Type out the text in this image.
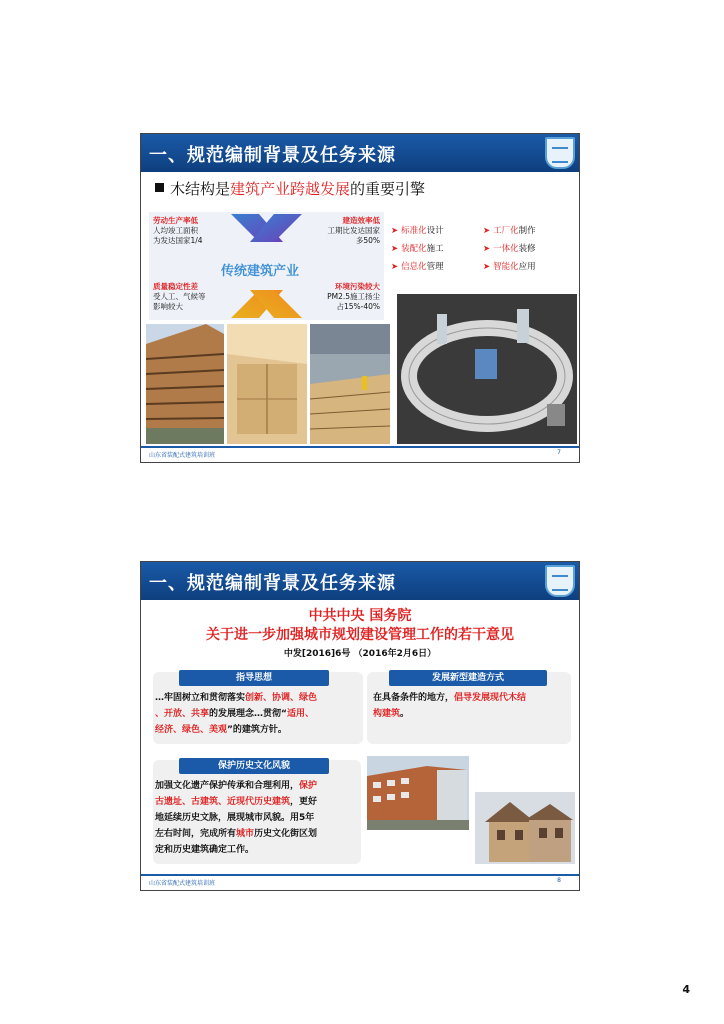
一、规范编制背景及任务来源
木结构是建筑产业跨越发展的重要引擎
劳动生产率低
人均竣工面积
为发达国家1/4
建造效率低
工期比发达国家
多50%
传统建筑产业
质量稳定性差
受人工、气候等
影响较大
环境污染较大
PM2.5施工扬尘
占15%-40%
➤ 标准化设计	➤ 工厂化制作
➤ 装配化施工	➤ 一体化装修
➤ 信息化管理	➤ 智能化应用
山东省装配式建筑培训班	7
一、规范编制背景及任务来源
中共中央 国务院
关于进一步加强城市规划建设管理工作的若干意见
中发[2016]6号 （2016年2月6日）
指导思想
…牢固树立和贯彻落实创新、协调、绿色
、开放、共享的发展理念…贯彻“适用、
经济、绿色、美观”的建筑方针。
发展新型建造方式
在具备条件的地方，倡导发展现代木结
构建筑。
保护历史文化风貌
加强文化遗产保护传承和合理利用，保护
古遗址、古建筑、近现代历史建筑，更好
地延续历史文脉，展现城市风貌。用5年
左右时间，完成所有城市历史文化街区划
定和历史建筑确定工作。
山东省装配式建筑培训班	8
4
